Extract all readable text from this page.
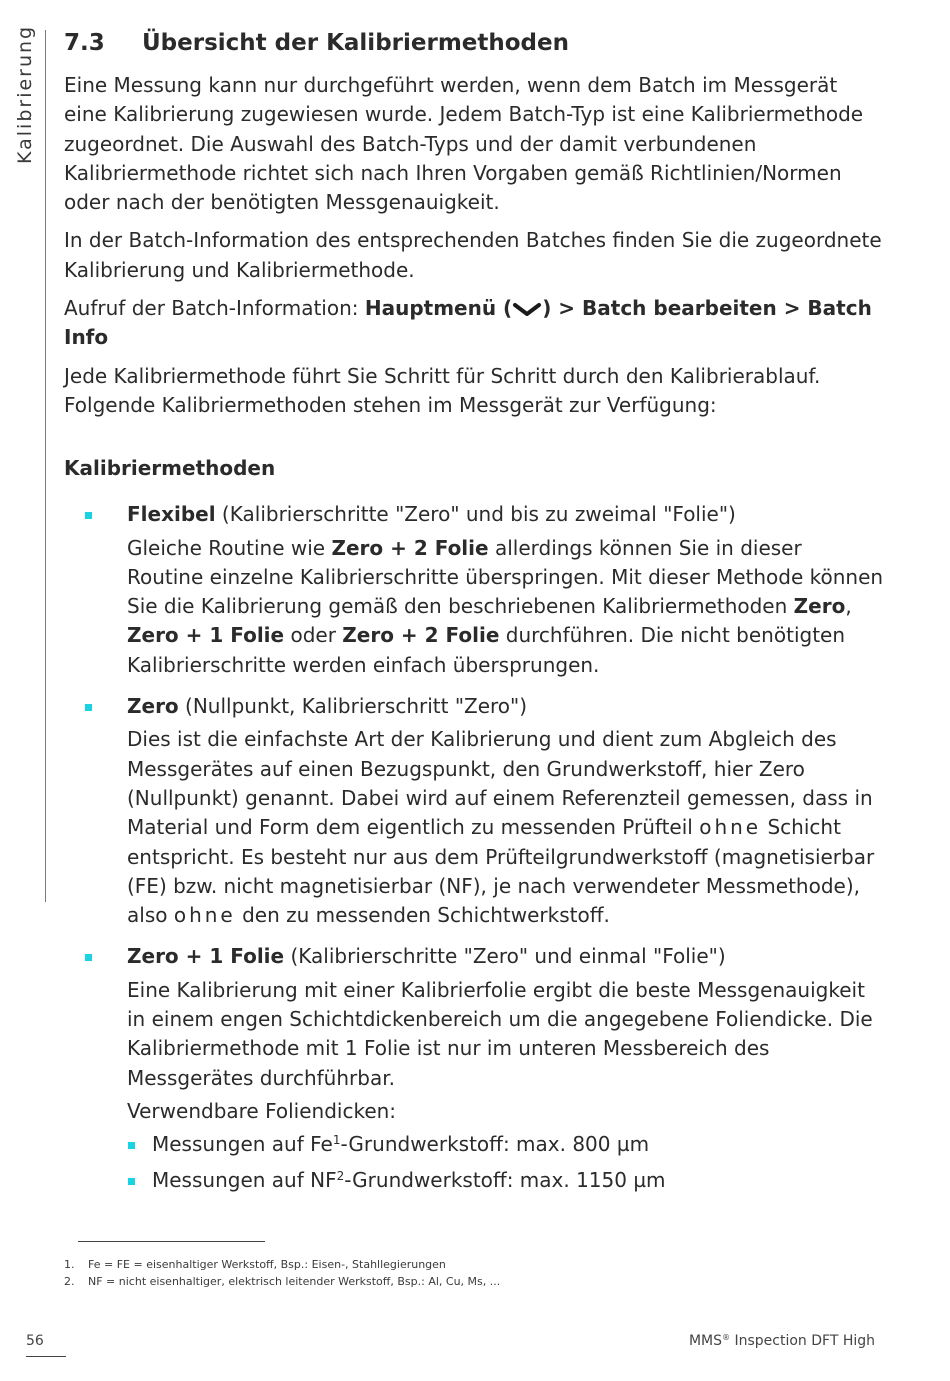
Kalibrierung 7.3	Übersicht der Kalibriermethoden

Eine Messung kann nur durchgeführt werden, wenn dem Batch im Messgerät eine Kalibrierung zugewiesen wurde. Jedem Batch-Typ ist eine Kalibriermethode zugeordnet. Die Auswahl des Batch-Typs und der damit verbundenen Kalibriermethode richtet sich nach Ihren Vorgaben gemäß Richtlinien/Normen oder nach der benötigten Messgenauigkeit.

In der Batch-Information des entsprechenden Batches finden Sie die zugeordnete Kalibrierung und Kalibriermethode.

Aufruf der Batch-Information: Hauptmenü ( ) > Batch bearbeiten > Batch Info

Jede Kalibriermethode führt Sie Schritt für Schritt durch den Kalibrierablauf. Folgende Kalibriermethoden stehen im Messgerät zur Verfügung:

Kalibriermethoden

Flexibel (Kalibrierschritte "Zero" und bis zu zweimal "Folie")

Gleiche Routine wie Zero + 2 Folie allerdings können Sie in dieser Routine einzelne Kalibrierschritte überspringen. Mit dieser Methode können Sie die Kalibrierung gemäß den beschriebenen Kalibriermethoden Zero, Zero + 1 Folie oder Zero + 2 Folie durchführen. Die nicht benötigten Kalibrierschritte werden einfach übersprungen.

Zero (Nullpunkt, Kalibrierschritt "Zero")

Dies ist die einfachste Art der Kalibrierung und dient zum Abgleich des Messgerätes auf einen Bezugspunkt, den Grundwerkstoff, hier Zero (Nullpunkt) genannt. Dabei wird auf einem Referenzteil gemessen, dass in Material und Form dem eigentlich zu messenden Prüfteil ohne Schicht entspricht. Es besteht nur aus dem Prüfteilgrundwerkstoff (magnetisierbar (FE) bzw. nicht magnetisierbar (NF), je nach verwendeter Messmethode), also ohne den zu messenden Schichtwerkstoff.

Zero + 1 Folie (Kalibrierschritte "Zero" und einmal "Folie")

Eine Kalibrierung mit einer Kalibrierfolie ergibt die beste Messgenauigkeit in einem engen Schichtdickenbereich um die angegebene Foliendicke. Die Kalibriermethode mit 1 Folie ist nur im unteren Messbereich des Messgerätes durchführbar.

Verwendbare Foliendicken:

Messungen auf Fe$^1$-Grundwerkstoff: max. 800 µm
Messungen auf $NF^2$-Grundwerkstoff: max. 1150 µm
1.	Fe = FE = eisenhaltiger Werkstoff, Bsp.: Eisen-, Stahllegierungen
2.	NF = nicht eisenhaltiger, elektrisch leitender Werkstoff, Bsp.: Al, Cu, Ms, ...
56	MMS® Inspection DFT High
